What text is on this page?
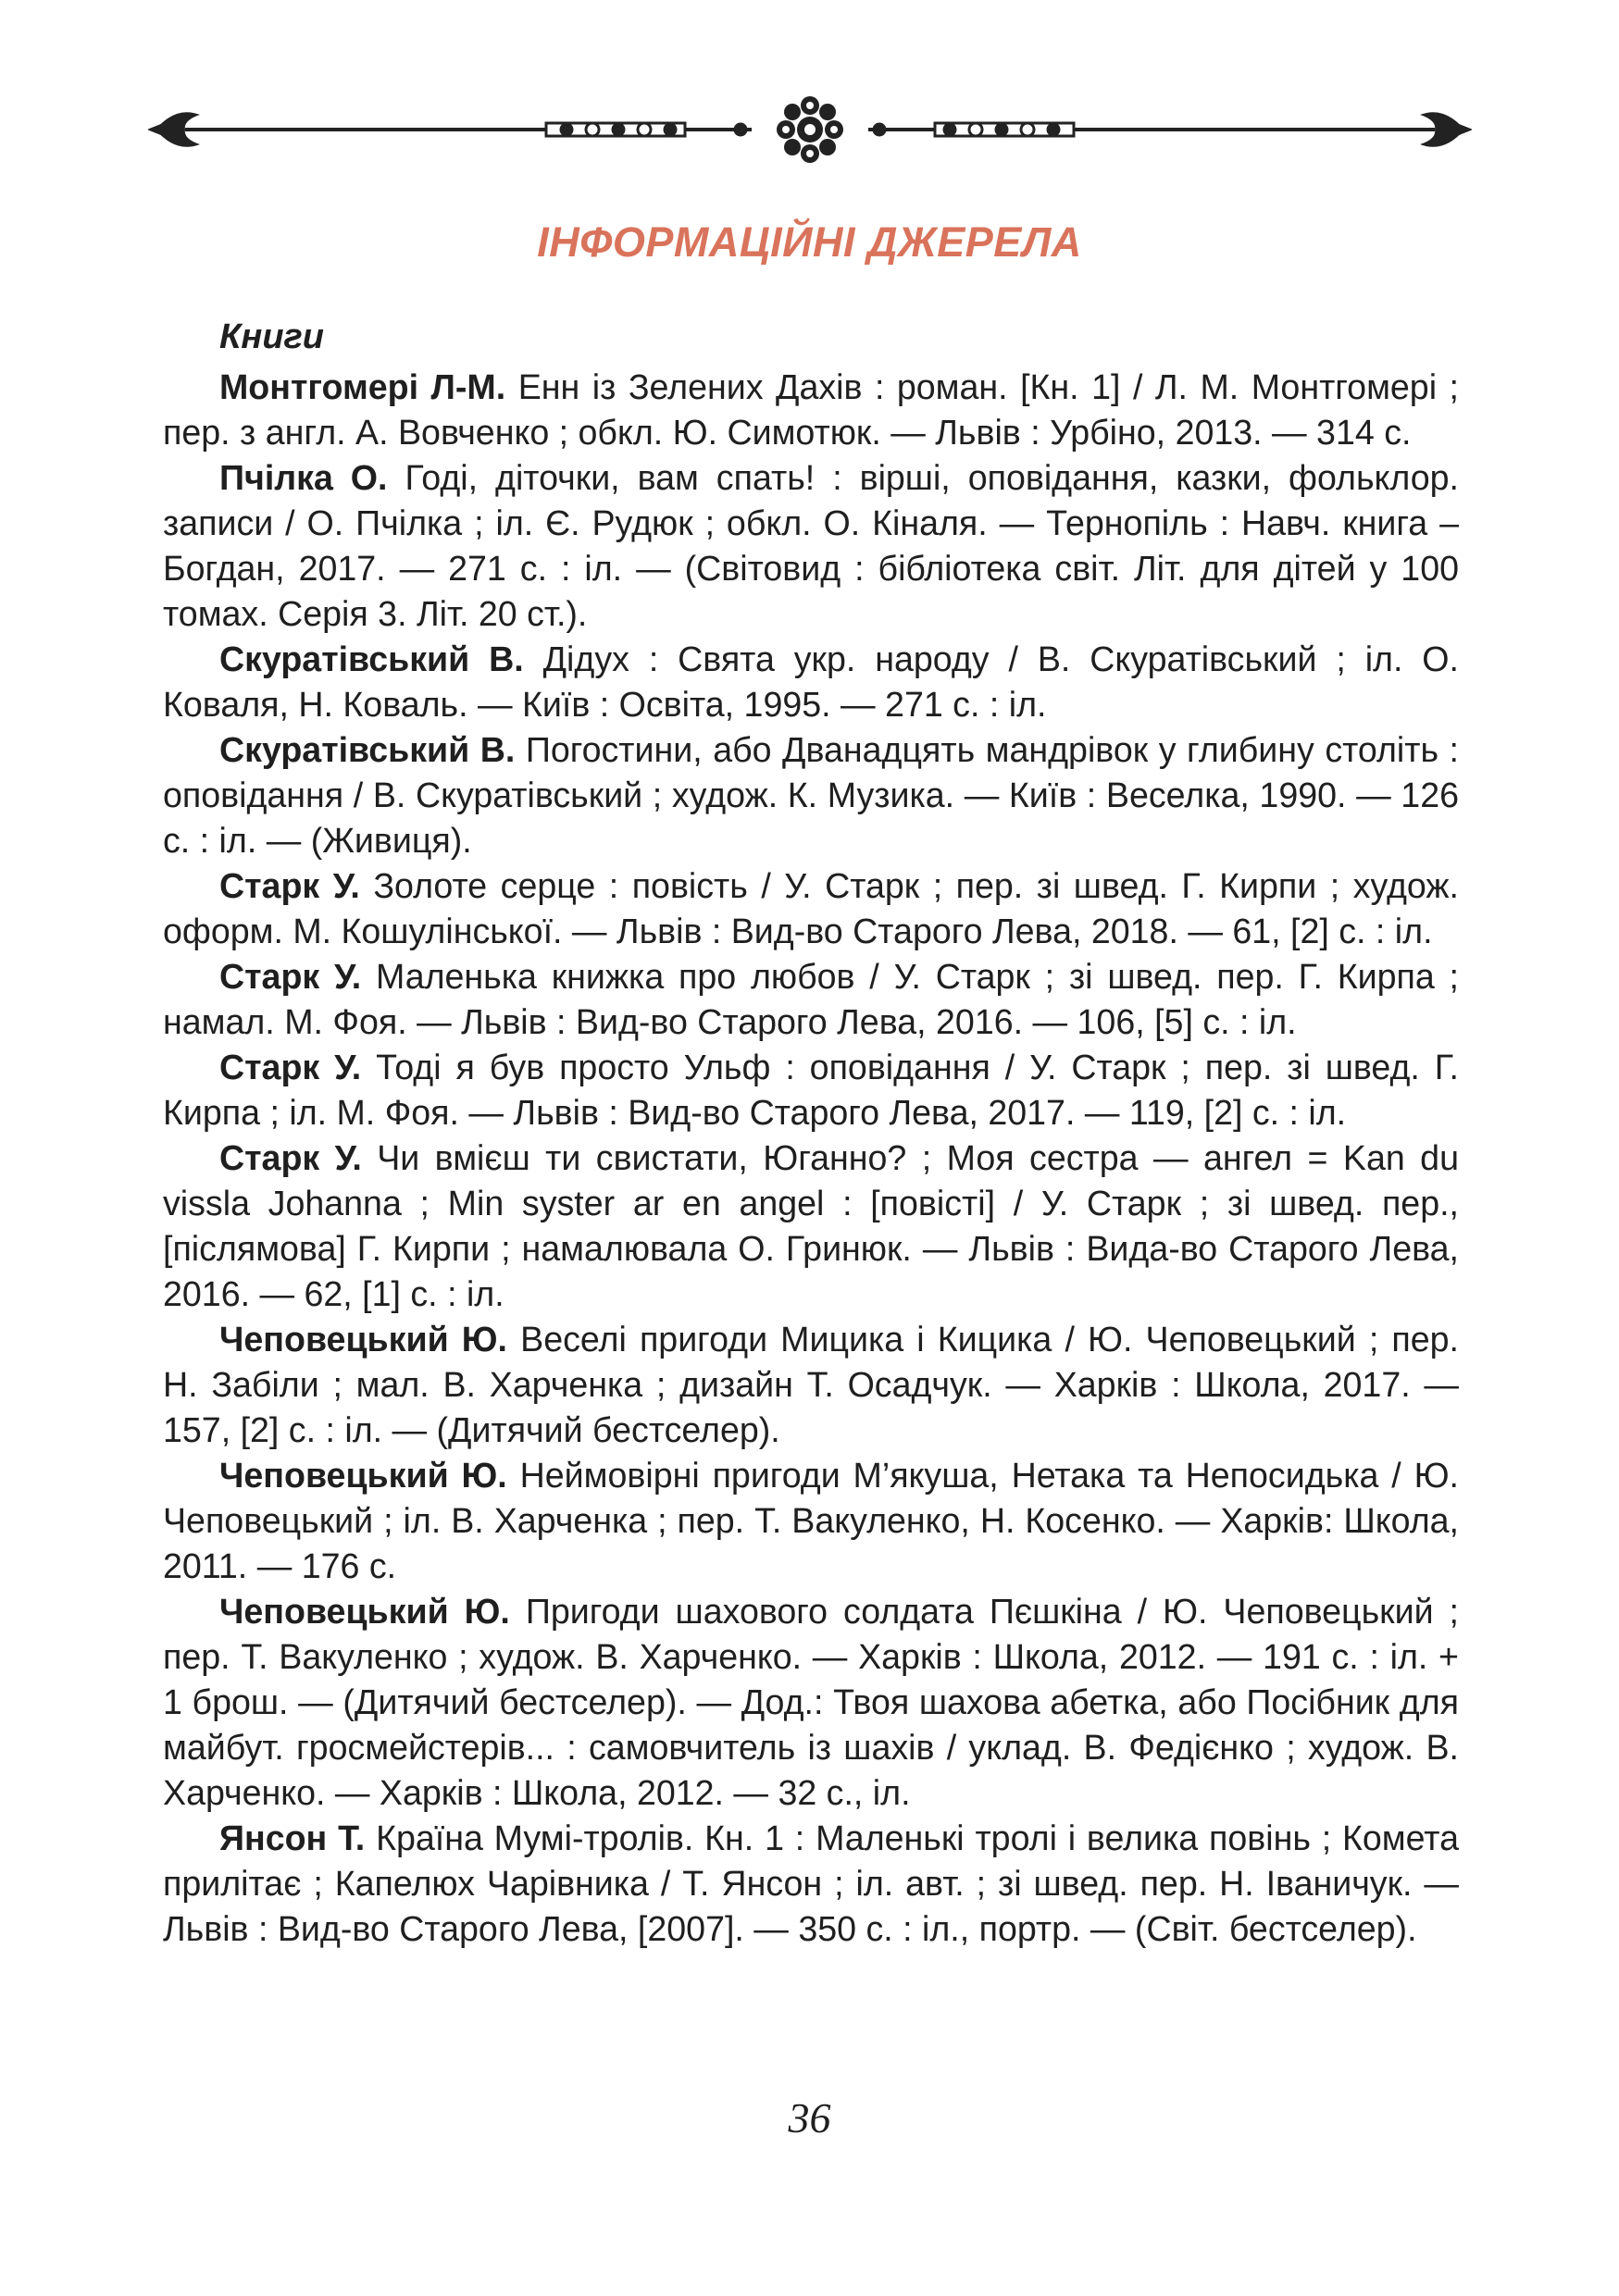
ІНФОРМАЦІЙНІ ДЖЕРЕЛА
Книги
Монтгомері Л-М. Енн із Зелених Дахів : роман. [Кн. 1] / Л. М. Монтгомері ; пер. з англ. А. Вовченко ; обкл. Ю. Симотюк. — Львів : Урбіно, 2013. — 314 с.
Пчілка О. Годі, діточки, вам спать! : вірші, оповідання, казки, фольклор. записи / О. Пчілка ; іл. Є. Рудюк ; обкл. О. Кіналя. — Тернопіль : Навч. книга – Богдан, 2017. — 271 с. : іл. — (Світовид : бібліотека світ. Літ. для дітей у 100 томах. Серія 3. Літ. 20 ст.).
Скуратівський В. Дідух : Свята укр. народу / В. Скуратівський ; іл. О. Коваля, Н. Коваль. — Київ : Освіта, 1995. — 271 с. : іл.
Скуратівський В. Погостини, або Дванадцять мандрівок у глибину століть : оповідання / В. Скуратівський ; худож. К. Музика. — Київ : Веселка, 1990. — 126 с. : іл. — (Живиця).
Старк У. Золоте серце : повість / У. Старк ; пер. зі швед. Г. Кирпи ; худож. оформ. М. Кошулінської. — Львів : Вид-во Старого Лева, 2018. — 61, [2] с. : іл.
Старк У. Маленька книжка про любов / У. Старк ; зі швед. пер. Г. Кирпа ; намал. М. Фоя. — Львів : Вид-во Старого Лева, 2016. — 106, [5] с. : іл.
Старк У. Тоді я був просто Ульф : оповідання / У. Старк ; пер. зі швед. Г. Кирпа ; іл. М. Фоя. — Львів : Вид-во Старого Лева, 2017. — 119, [2] с. : іл.
Старк У. Чи вмієш ти свистати, Юганно? ; Моя сестра — ангел = Kan du vissla Johanna ; Min syster ar en angel : [повісті] / У. Старк ; зі швед. пер., [післямова] Г. Кирпи ; намалювала О. Гринюк. — Львів : Вида-во Старого Лева, 2016. — 62, [1] с. : іл.
Чеповецький Ю. Веселі пригоди Мицика і Кицика / Ю. Чеповецький ; пер. Н. Забіли ; мал. В. Харченка ; дизайн Т. Осадчук. — Харків : Школа, 2017. — 157, [2] с. : іл. — (Дитячий бестселер).
Чеповецький Ю. Неймовірні пригоди М’якуша, Нетака та Непосидька / Ю. Чеповецький ; іл. В. Харченка ; пер. Т. Вакуленко, Н. Косенко. — Харків: Школа, 2011. — 176 с.
Чеповецький Ю. Пригоди шахового солдата Пєшкіна / Ю. Чеповецький ; пер. Т. Вакуленко ; худож. В. Харченко. — Харків : Школа, 2012. — 191 с. : іл. + 1 брош. — (Дитячий бестселер). — Дод.: Твоя шахова абетка, або Посібник для майбут. гросмейстерів... : самовчитель із шахів / уклад. В. Федієнко ; худож. В. Харченко. — Харків : Школа, 2012. — 32 с., іл.
Янсон Т. Країна Мумі-тролів. Кн. 1 : Маленькі тролі і велика повінь ; Комета прилітає ; Капелюх Чарівника / Т. Янсон ; іл. авт. ; зі швед. пер. Н. Іваничук. — Львів : Вид-во Старого Лева, [2007]. — 350 с. : іл., портр. — (Світ. бестселер).
36
